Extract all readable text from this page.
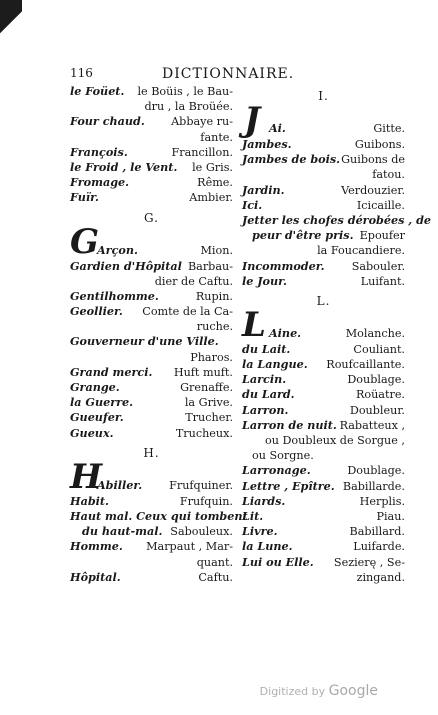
116	DICTIONNAIRE.
le Foüet. le Boüis , le Bau-
dru , la Broüée.
Four chaud. Abbaye ru-
fante.
François.	Francillon.
le Froid , le Vent. le Gris.
Fromage.	Rême.
Fuïr.	Ambier.
G.
G
Arçon.	Mion.
Gardien d'Hôpital Barbau-
dier de Caftu.
Gentilhomme.	Rupin.
Geollier. Comte de la Ca-
ruche.
Gouverneur d'une Ville.
Pharos.
Grand merci. Huft muft.
Grange.	Grenaffe.
la Guerre.	la Grive.
Gueufer.	Trucher.
Gueux.	Trucheux.
H.
H
Abiller. Frufquiner.
Habit.	Frufquin.
Haut mal. Ceux qui tombent
du haut-mal. Sabouleux.
Homme. Marpaut , Mar-
quant.
Hôpital.	Caftu.
I.
J Ai.	Gitte.
Jambes.	Guibons.
Jambes de bois. Guibons de
fatou.
Jardin.	Verdouzier.
Ici.	Icicaille.
Jetter les chofes dérobées , de
peur d'être pris. Epoufer
la Foucandiere.
Incommoder. Sabouler.
le Jour.	Luifant.
L.
L Aine.	Molanche.
du Lait.	Couliant.
la Langue. Roufcaillante.
Larcin.	Doublage.
du Lard.	Roüatre.
Larron.	Doubleur.
Larron de nuit. Rabatteux ,
ou Doubleux de Sorgue ,
ou Sorgne.
Larronage.	Doublage.
Lettre , Epître. Babillarde.
Liards.	Herplis.
Lit.	Piau.
Livre.	Babillard.
la Lune.	Luifarde.
Lui ou Elle. Sezierę , Se-
zingand.
Digitized by Google
